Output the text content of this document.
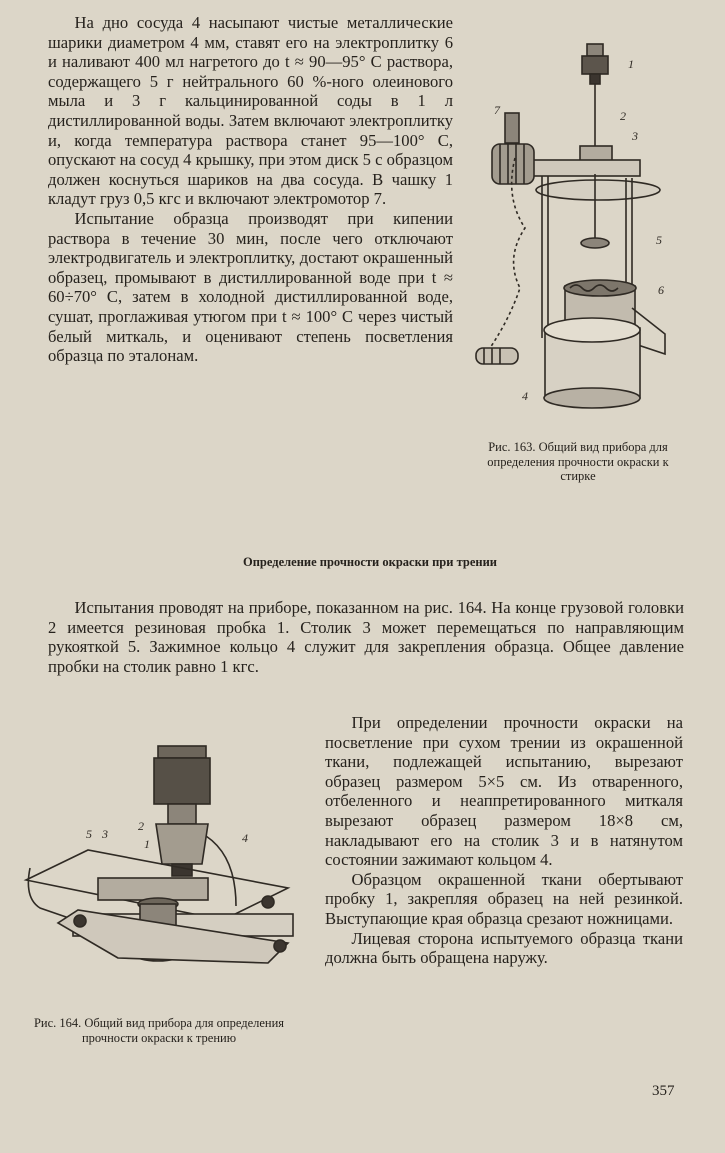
На дно сосуда 4 насыпают чистые металлические шарики диаметром 4 мм, ставят его на электроплитку 6 и наливают 400 мл нагретого до t ≈ 90—95° С раствора, содержащего 5 г нейтрального 60 %-ного олеинового мыла и 3 г кальцинированной соды в 1 л дистиллированной воды. Затем включают электроплитку и, когда температура раствора станет 95—100° С, опускают на сосуд 4 крышку, при этом диск 5 с образцом должен коснуться шариков на два сосуда. В чашку 1 кладут груз 0,5 кгс и включают электромотор 7.

Испытание образца производят при кипении раствора в течение 30 мин, после чего отключают электродвигатель и электроплитку, достают окрашенный образец, промывают в дистиллированной воде при t ≈ 60÷70° С, затем в холодной дистиллированной воде, сушат, проглаживая утюгом при t ≈ 100° С через чистый белый миткаль, и оценивают степень посветления образца по эталонам.

1
2
3
5
6
7
4
Рис. 163. Общий вид прибора для определения прочности окраски к стирке
Определение прочности окраски при трении

Испытания проводят на приборе, показанном на рис. 164. На конце грузовой головки 2 имеется резиновая пробка 1. Столик 3 может перемещаться по направляющим рукояткой 5. Зажимное кольцо 4 служит для закрепления образца. Общее давление пробки на столик равно 1 кгс.

5 3
2
1	4
Рис. 164. Общий вид прибора для определения прочности окраски к трению

При определении прочности окраски на посветление при сухом трении из окрашенной ткани, подлежащей испытанию, вырезают образец размером 5×5 см. Из отваренного, отбеленного и неаппретированного миткаля вырезают образец размером 18×8 см, накладывают его на столик 3 и в натянутом состоянии зажимают кольцом 4.

Образцом окрашенной ткани обертывают пробку 1, закрепляя образец на ней резинкой. Выступающие края образца срезают ножницами.

Лицевая сторона испытуемого образца ткани должна быть обращена наружу.

357
